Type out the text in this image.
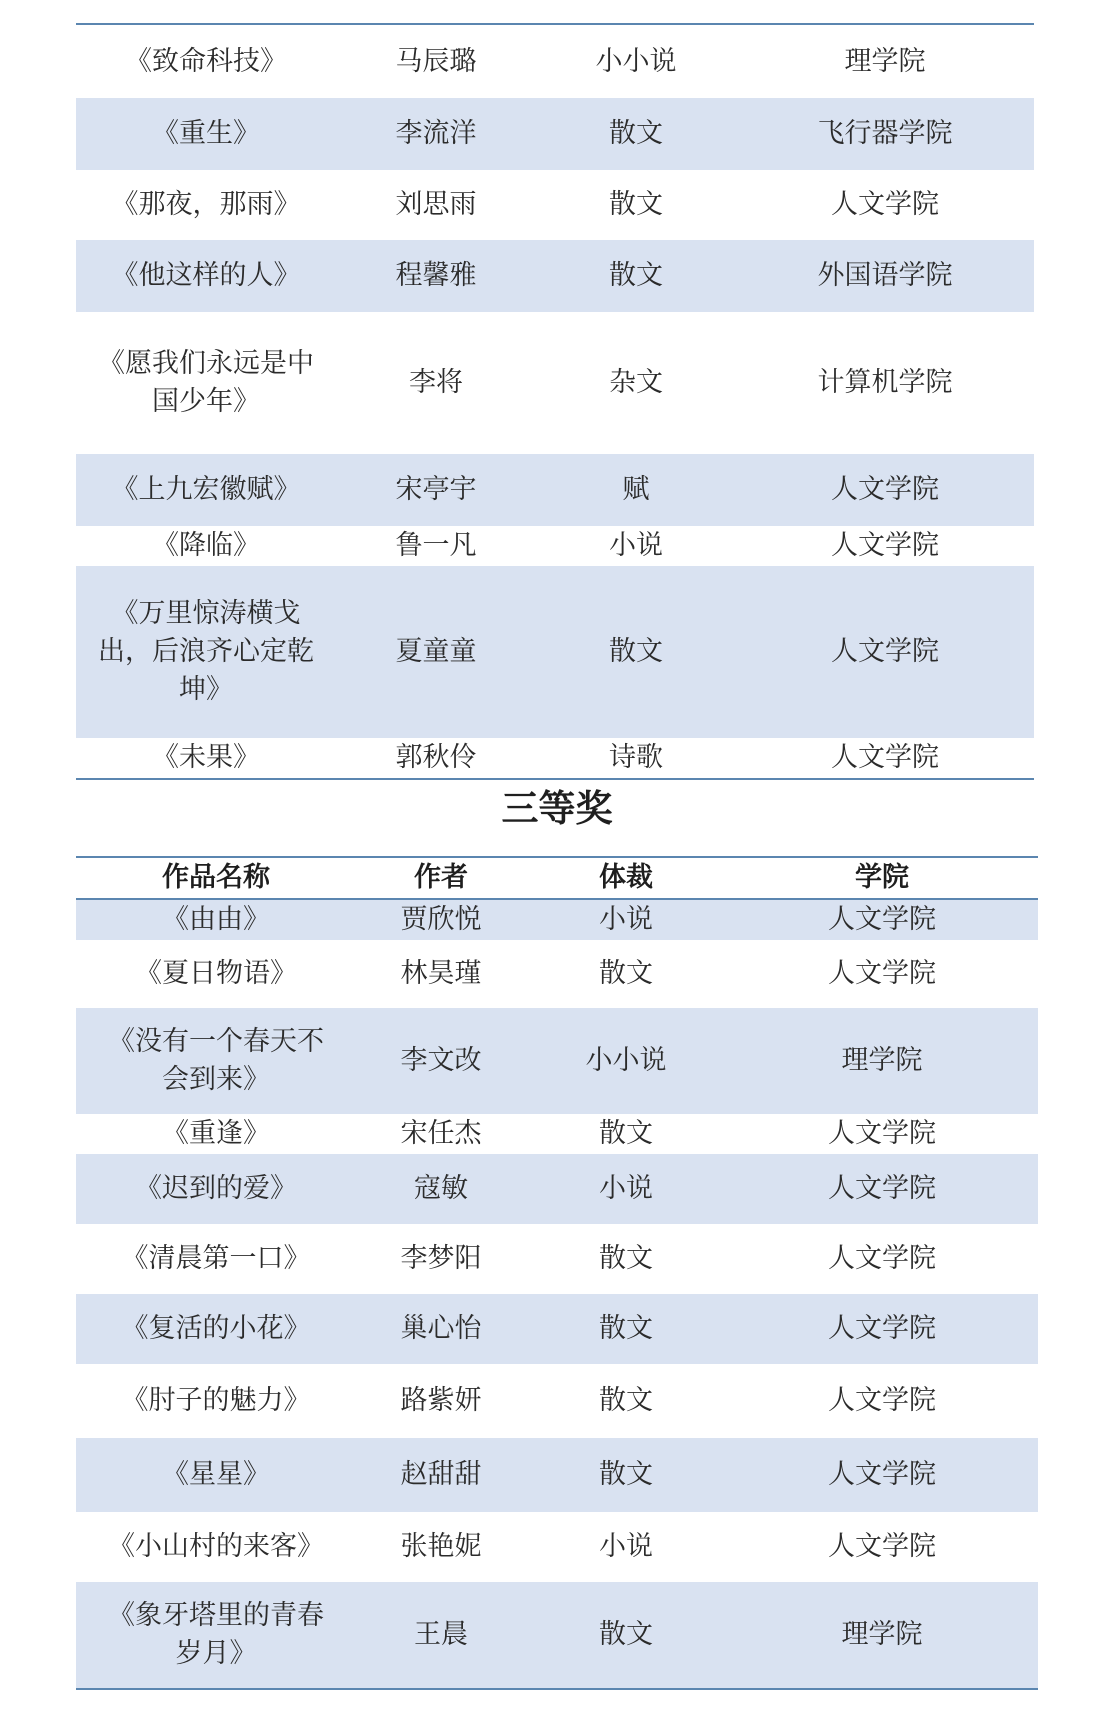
《致命科技》	马辰璐	小小说	理学院
《重生》	李流洋	散文	飞行器学院
《那夜，那雨》	刘思雨	散文	人文学院
《他这样的人》	程馨雅	散文	外国语学院
《愿我们永远是中
国少年》
李将	杂文	计算机学院
《上九宏徽赋》	宋亭宇	赋	人文学院
《降临》	鲁一凡	小说	人文学院
《万里惊涛横戈
出，后浪齐心定乾
坤》
夏童童	散文	人文学院
《未果》	郭秋伶	诗歌	人文学院
三等奖
作品名称	作者	体裁	学院
《由由》	贾欣悦	小说	人文学院
《夏日物语》	林昊瑾	散文	人文学院
《没有一个春天不
会到来》
李文改	小小说	理学院
《重逢》	宋任杰	散文	人文学院
《迟到的爱》	寇敏	小说	人文学院
《清晨第一口》	李梦阳	散文	人文学院
《复活的小花》	巢心怡	散文	人文学院
《肘子的魅力》	路紫妍	散文	人文学院
《星星》	赵甜甜	散文	人文学院
《小山村的来客》	张艳妮	小说	人文学院
《象牙塔里的青春
岁月》
王晨	散文	理学院
